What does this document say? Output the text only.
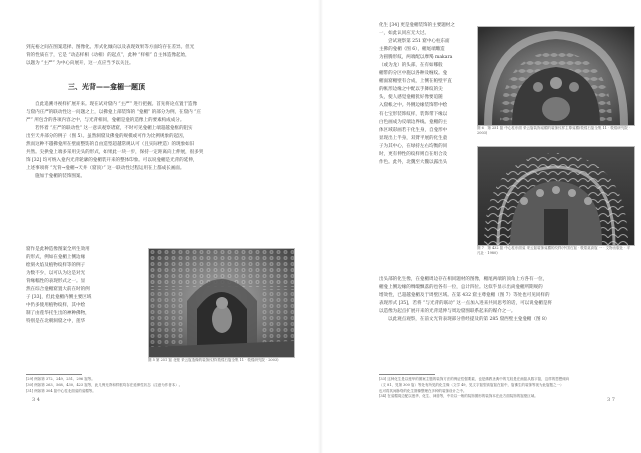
到充裕之间在图案选择、图像化、形式化倾向以及表现效果等方面均存在差异。但光

背的性质在于，它是 “动态样相（动相）的起点”，此种 “样相” 自主体造像起始，

以题为 “主严” 为中心向展开，这一点应当予以关注。

三、光背——龛楣一题顶

自此追溯寻视样扩展开来。现在试对窟内 “主严” 进行把握。首先将论点置于造像

与窟内庄严的联动性这一问题之上，以佛龛上部装饰的 “龛楣” 的部分为例，在窟内 “庄

严” 所包含的各项内容之中，与光背相同，龛楣是龛的造像上的要素构成成分。

若怀着 “庄严的联动性” 这一意识观察诸窟，不时可见龛楣上端超越龛框的阻实

出至天井部分的例子（图 5）。虽然洞窟及佛龛的规模或可作为比例规象的起因，

然而这种不越佛龛所在壁面整饬的自由造型超越常规认可（且实际桎造）的现象如旧

共然。尖拱龛上端多采用尖头的形式，如果此一块一步，保持一定距离向上伸展，很多突

饰 [32] 均可纳入龛内光背轮廓的龛楣装开来的整体印象。可以说龛楣是光背的延伸，

上述事项将 “光背→龛楣→天井（窟顶）” 这一联动性过程运用在上都成长画面。

施加于龛楣的装饰图案。

窟作是此种造像图案全所生效用

的形式，例如在龛楣上侧边缘

绘刻火焰及植物纹样等的例子

为数不少，以可认为这是对光

背缘幅性的表现形式之一。显

然在综合龛楣窟置大前在时的例

子 [33]，但此龛楣内侧主要区域

中仍多使用植物纹样，其中绘

制了由莲华托生出的神种佛物，

特别是在北朝洞窟之中，莲华

图 5 第 251 窟 北壁 采云窟造像的装饰纹样(敦煌石窟全集 11 · 敦煌研究院 · 2003)
[29] 例如第 372、249、251、296 窟等。
[30] 例如第 263、568、430、423 窟等，此几例光背和样框均存在延伸性状态（注意为作者本）。
[31] 例如第 304 窟中心柱北面龛的龛楣等。
3 4

化生 [34] 更是龛楣装饰的主要题材之

一，如此认同应无大过。

尝试观察第 251 窟中心柱东面

主佛的龛楣（图 6），楣尾端雕造

为圆腾形纹，两端配以摩羯 makara

（或为龙）的头部，在有如哪般

楣带的分区中施以各种及缠纹。龛

楣面窟楣壁有合成，上侧在帕壁平直

的帐形边缘之中配以手舞纹的尖

头，使人感觉龛楣犹好像要追随

入窟帐之中。外侧边缘装饰带中绘

有七宝形装饰纹样，装饰带下缘以

白色画成为反端边界线。龛楣的主

体区域彩画若干化生身，自龛形中

显现出上半身，双臂平展的化生童

子为其中心，在绿持左右均衡的同

时，更有伸性的纹样则自在组合及

作色。此外，北魏至大魏以露出头

图 6　第 251 窟 中心柱东面 采云窟装饰龛楣的装饰纹样主尊龛楣(敦煌石窟全集 11 · 敦煌研究院 · 2003)
图 7　第 432 窟 中心柱东面龛 采云窟装饰龛楣的纹样(中国石窟 · 敦煌莫高窟 一 · 文物出版社 · 平凡社 · 1980)

出头部的化生像，在龛楣周边存在相同题材的图像，楣尾两端的顶角上方各有一位，

楣龛上侧边缘的绸缎飘落的也各有一位，总计四位。这似乎显示出尚龛楣所期规的

增效性，已超越龛楣及于周壁区域。在第 432 窟主尊龛楣（图 7）等处也可见同样的

表现形式 [35]，若将 “与光背的联动” 这一点加入进来共同思考的话，可以说龛楣是将

以造像为起点扩展开来的光背延伸与周边窟图联系起来的媒介之一。

以此观点观察，在前文光背表现部分曾经提及的第 285 窟西壁主龛龛楣（图 8）

[33] 这种化生是以莲华的图案主题的装饰方法的例证性强要素，也是佛教圣典中的尤较是在画窟从数宇窟，这样的思想倾向
（文 81、见第 300 窟）等处有所见的化生像（文学 49，见文字窟型高窟窟在窟中，窟佛生的装饰等视为此窟题之一）
也可将其间脉络的化生图像整理在多种的装饰设计之中。
[34] 在龛楣周边配以莲华、化生、神兽等，中央以一般的装饰图形的装饰本在此方面装饰的窟壁区域。
3 7
